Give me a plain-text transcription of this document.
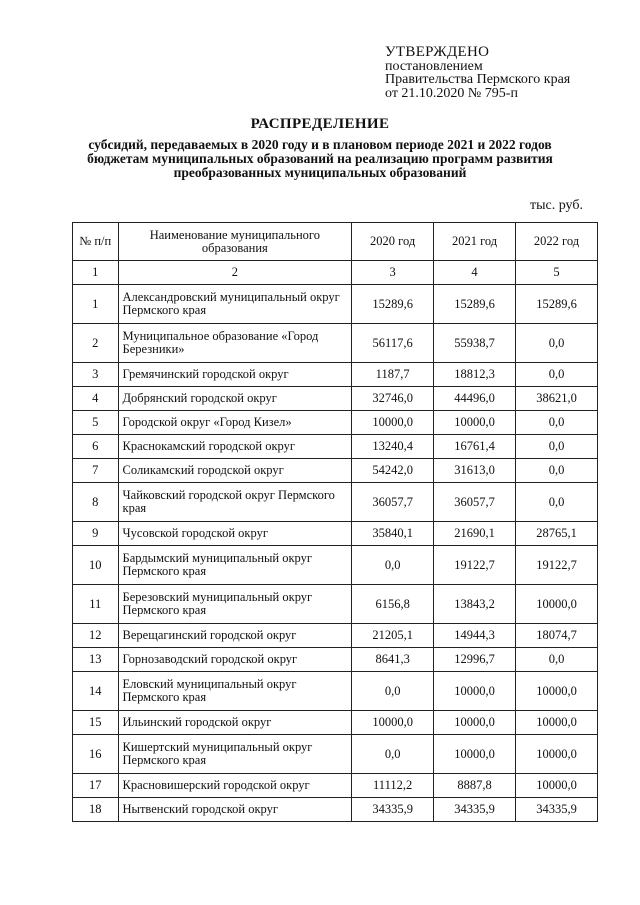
УТВЕРЖДЕНО
постановлением
Правительства Пермского края
от 21.10.2020 № 795-п
РАСПРЕДЕЛЕНИЕ
субсидий, передаваемых в 2020 году и в плановом периоде 2021 и 2022 годов бюджетам муниципальных образований на реализацию программ развития преобразованных муниципальных образований
тыс. руб.
№ п/п	Наименование муниципального образования	2020 год	2021 год	2022 год
1	2	3	4	5
1	Александровский муниципальный округ Пермского края	15289,6	15289,6	15289,6
2	Муниципальное образование «Город Березники»	56117,6	55938,7	0,0
3	Гремячинский городской округ	1187,7	18812,3	0,0
4	Добрянский городской округ	32746,0	44496,0	38621,0
5	Городской округ «Город Кизел»	10000,0	10000,0	0,0
6	Краснокамский городской округ	13240,4	16761,4	0,0
7	Соликамский городской округ	54242,0	31613,0	0,0
8	Чайковский городской округ Пермского края	36057,7	36057,7	0,0
9	Чусовской городской округ	35840,1	21690,1	28765,1
10	Бардымский муниципальный округ Пермского края	0,0	19122,7	19122,7
11	Березовский муниципальный округ Пермского края	6156,8	13843,2	10000,0
12	Верещагинский городской округ	21205,1	14944,3	18074,7
13	Горнозаводский городской округ	8641,3	12996,7	0,0
14	Еловский муниципальный округ Пермского края	0,0	10000,0	10000,0
15	Ильинский городской округ	10000,0	10000,0	10000,0
16	Кишертский муниципальный округ Пермского края	0,0	10000,0	10000,0
17	Красновишерский городской округ	11112,2	8887,8	10000,0
18	Нытвенский городской округ	34335,9	34335,9	34335,9
